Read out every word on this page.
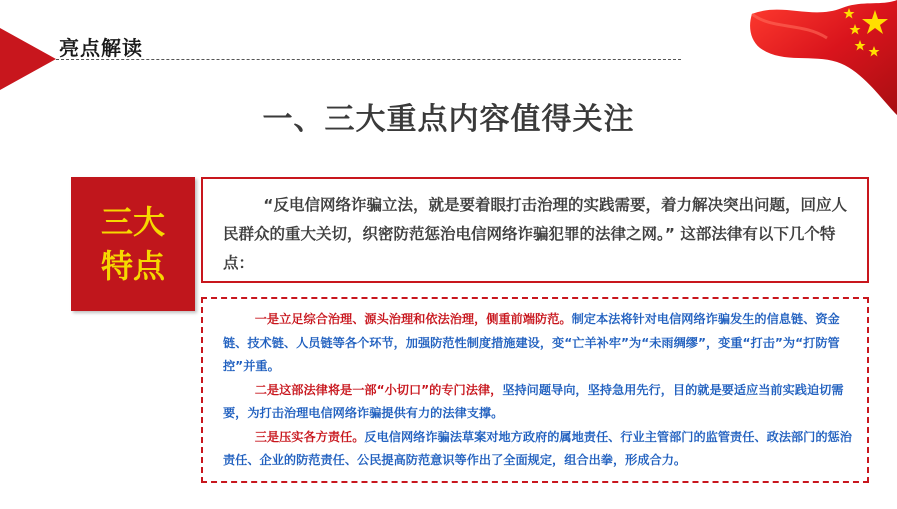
亮点解读
一、三大重点内容值得关注
三大
特点

“反电信网络诈骗立法，就是要着眼打击治理的实践需要，着力解决突出问题，回应人民群众的重大关切，织密防范惩治电信网络诈骗犯罪的法律之网。” 这部法律有以下几个特点：

一是立足综合治理、源头治理和依法治理，侧重前端防范。制定本法将针对电信网络诈骗发生的信息链、资金链、技术链、人员链等各个环节，加强防范性制度措施建设，变“亡羊补牢”为“未雨绸缪”，变重“打击”为“打防管控”并重。

二是这部法律将是一部“小切口”的专门法律，坚持问题导向，坚持急用先行，目的就是要适应当前实践迫切需要，为打击治理电信网络诈骗提供有力的法律支撑。

三是压实各方责任。反电信网络诈骗法草案对地方政府的属地责任、行业主管部门的监管责任、政法部门的惩治责任、企业的防范责任、公民提高防范意识等作出了全面规定，组合出拳，形成合力。
